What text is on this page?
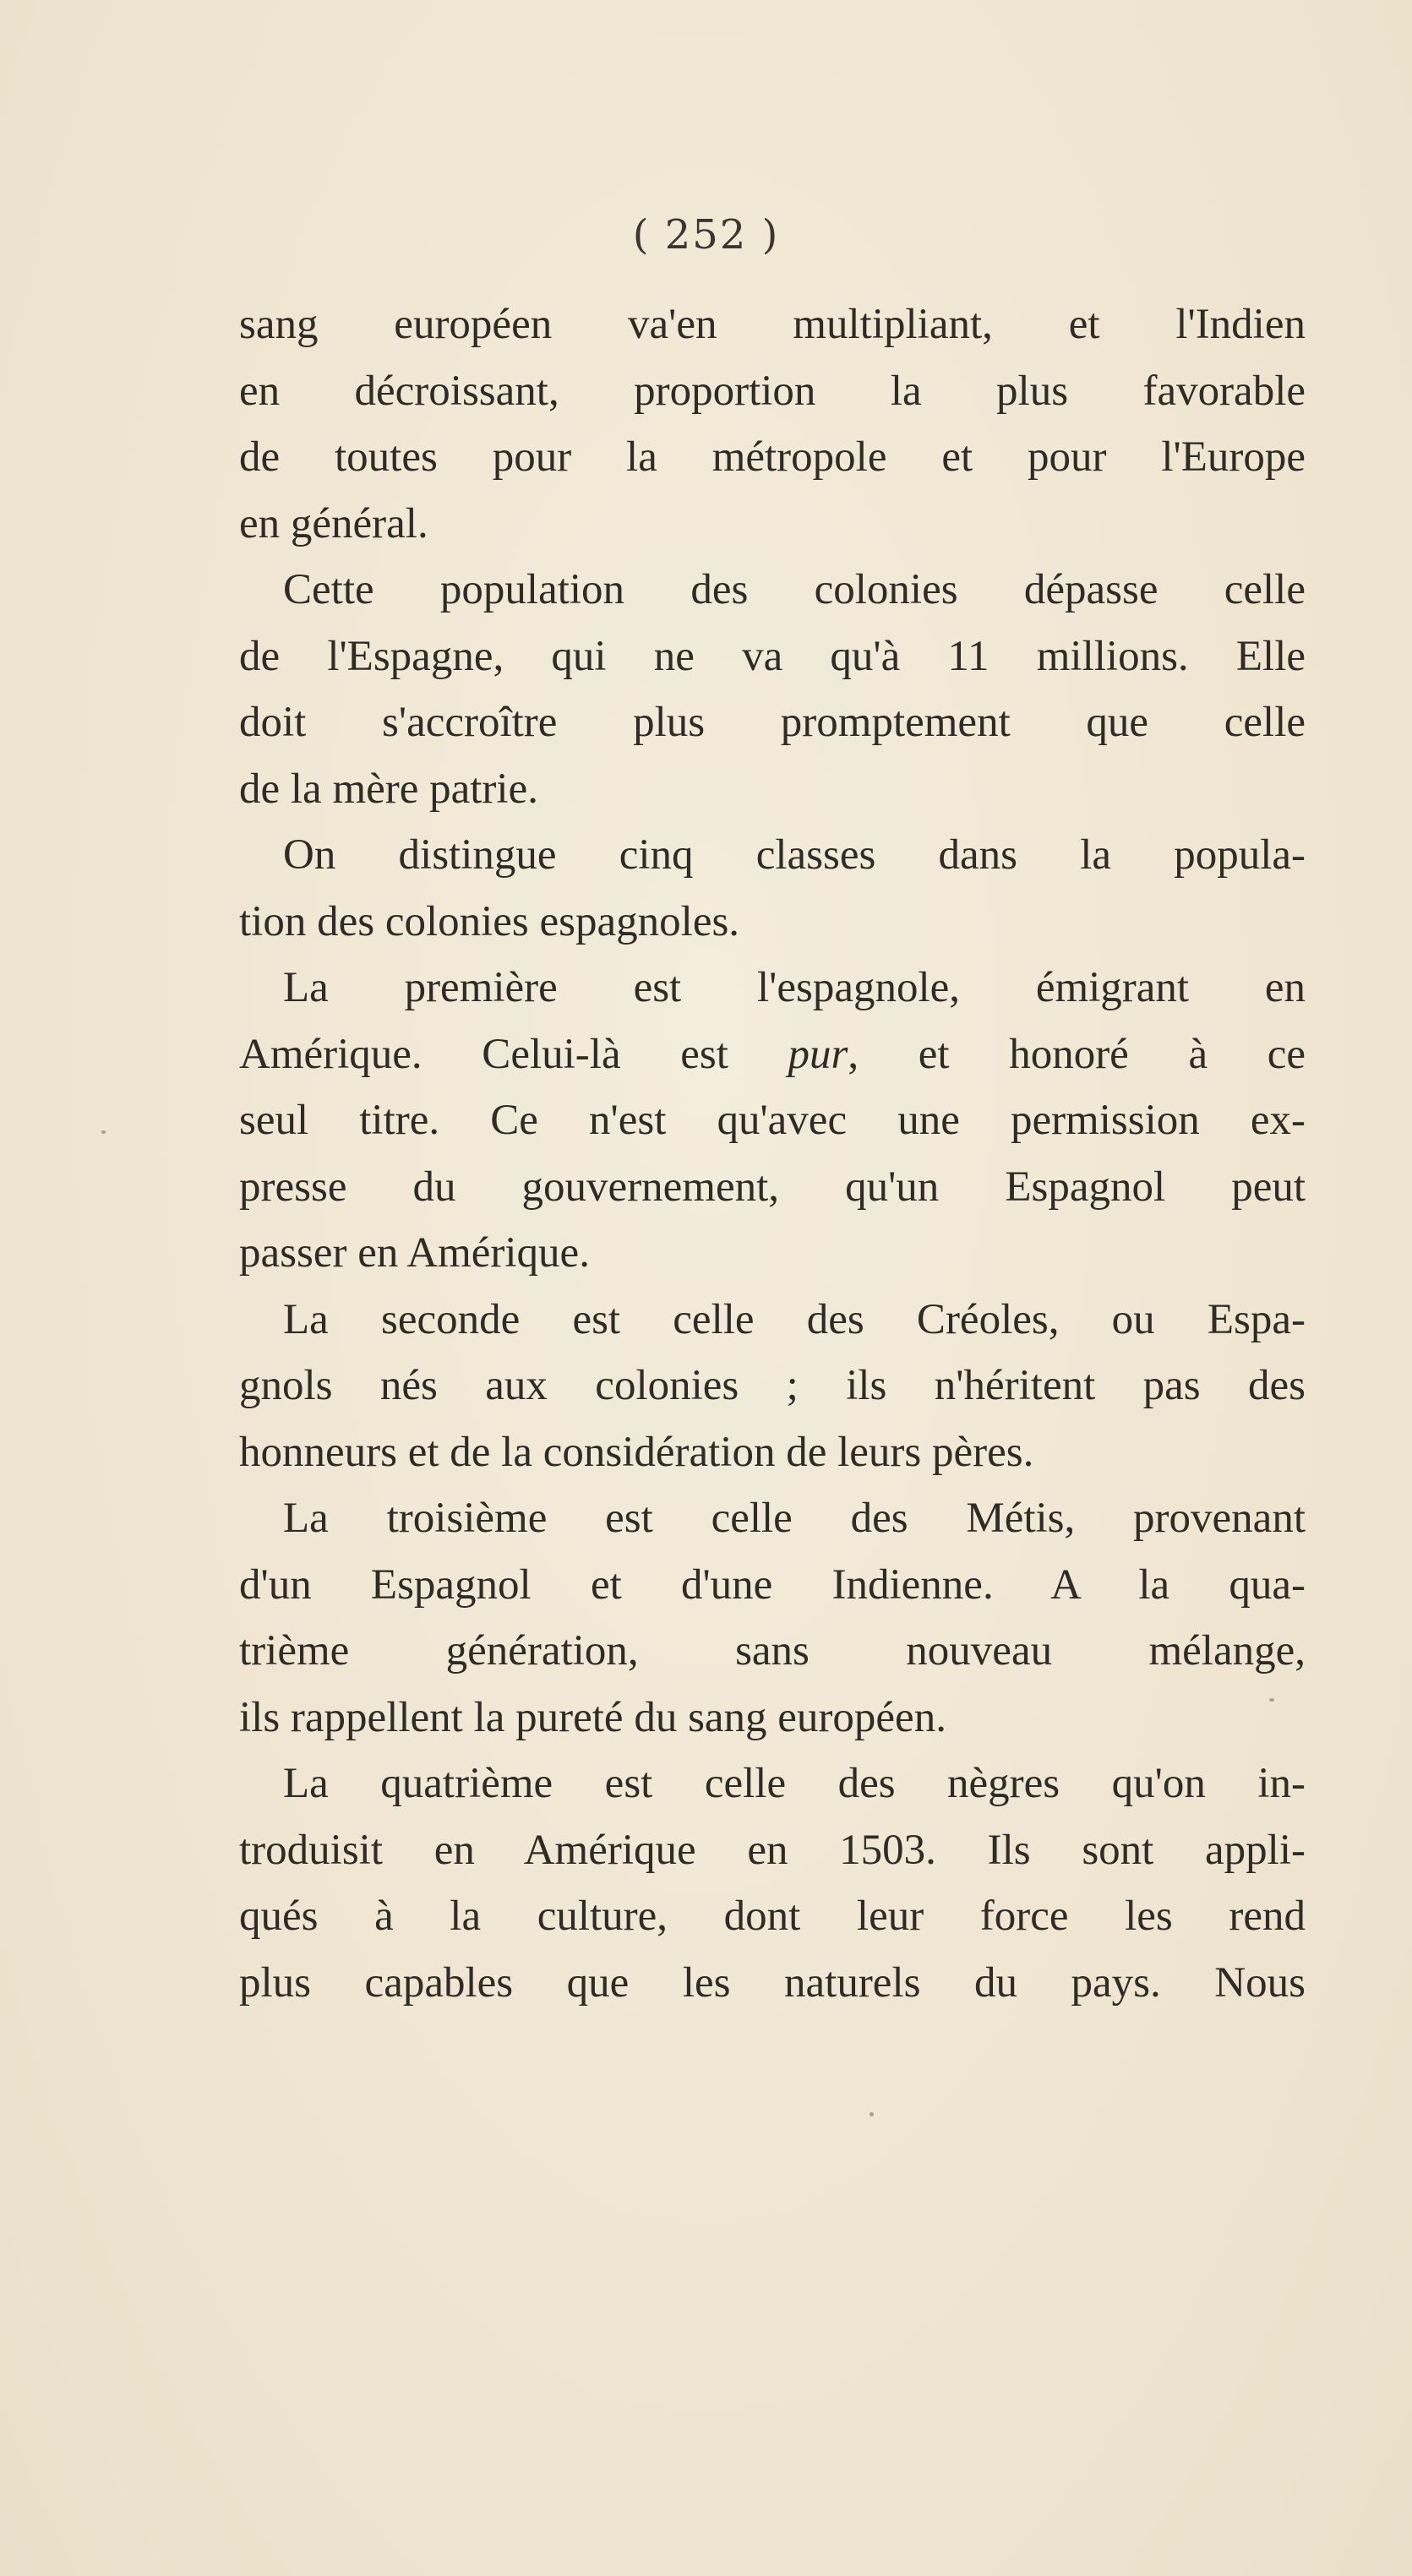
( 252 )
sang européen va'en multipliant, et l'Indien
en décroissant, proportion la plus favorable
de toutes pour la métropole et pour l'Europe
en général.
Cette population des colonies dépasse celle
de l'Espagne, qui ne va qu'à 11 millions. Elle
doit s'accroître plus promptement que celle
de la mère patrie.
On distingue cinq classes dans la popula-
tion des colonies espagnoles.
La première est l'espagnole, émigrant en
Amérique. Celui-là est pur, et honoré à ce
seul titre. Ce n'est qu'avec une permission ex-
presse du gouvernement, qu'un Espagnol peut
passer en Amérique.
La seconde est celle des Créoles, ou Espa-
gnols nés aux colonies ; ils n'héritent pas des
honneurs et de la considération de leurs pères.
La troisième est celle des Métis, provenant
d'un Espagnol et d'une Indienne. A la qua-
trième génération, sans nouveau mélange,
ils rappellent la pureté du sang européen.
La quatrième est celle des nègres qu'on in-
troduisit en Amérique en 1503. Ils sont appli-
qués à la culture, dont leur force les rend
plus capables que les naturels du pays. Nous
